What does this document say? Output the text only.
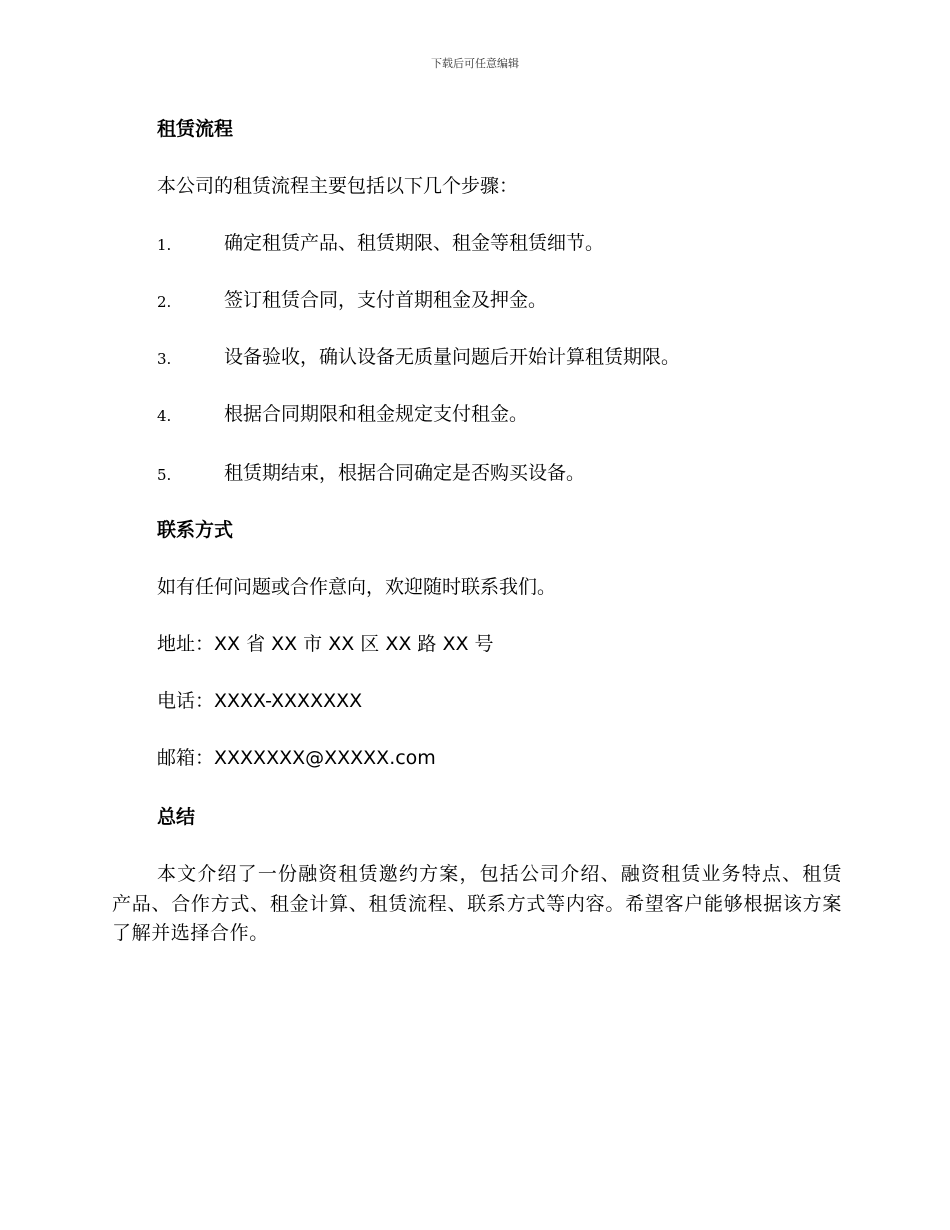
下载后可任意编辑
租赁流程
本公司的租赁流程主要包括以下几个步骤：
1.	确定租赁产品、租赁期限、租金等租赁细节。
2.	签订租赁合同，支付首期租金及押金。
3.	设备验收，确认设备无质量问题后开始计算租赁期限。
4.	根据合同期限和租金规定支付租金。
5.	租赁期结束，根据合同确定是否购买设备。
联系方式
如有任何问题或合作意向，欢迎随时联系我们。
地址：XX 省 XX 市 XX 区 XX 路 XX 号
电话：XXXX-XXXXXXX
邮箱：XXXXXXX@XXXXX.com
总结
本文介绍了一份融资租赁邀约方案，包括公司介绍、融资租赁业务特点、租赁产品、合作方式、租金计算、租赁流程、联系方式等内容。希望客户能够根据该方案了解并选择合作。
